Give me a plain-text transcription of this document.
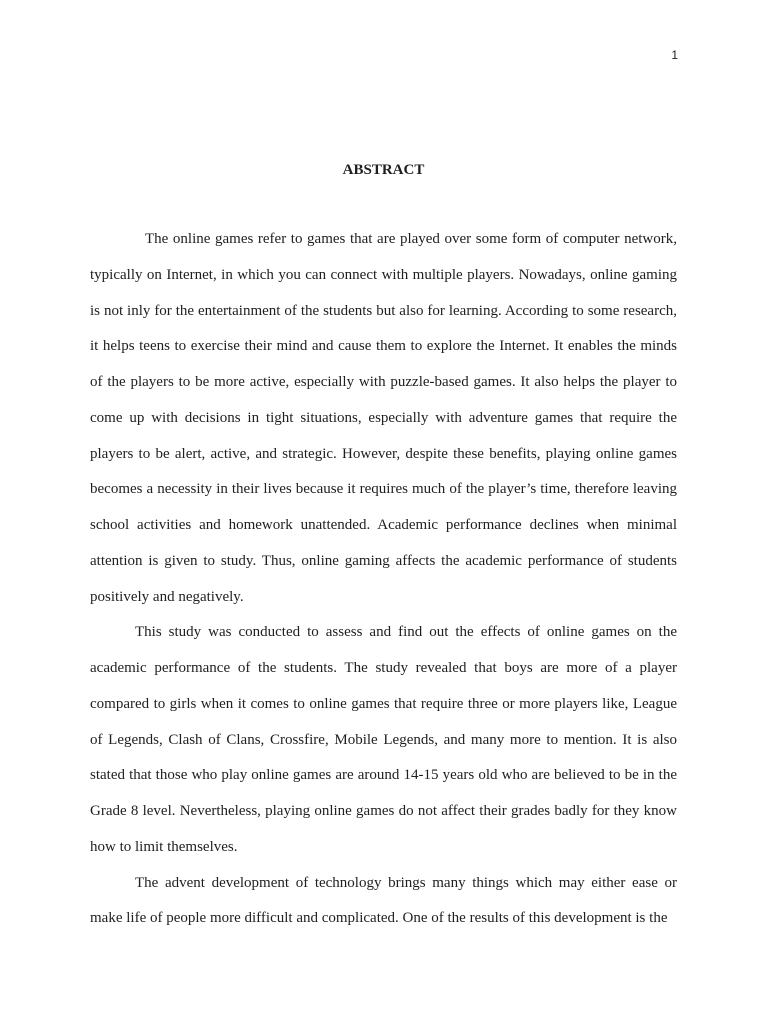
1
ABSTRACT

The online games refer to games that are played over some form of computer network, typically on Internet, in which you can connect with multiple players. Nowadays, online gaming is not inly for the entertainment of the students but also for learning. According to some research, it helps teens to exercise their mind and cause them to explore the Internet. It enables the minds of the players to be more active, especially with puzzle-based games. It also helps the player to come up with decisions in tight situations, especially with adventure games that require the players to be alert, active, and strategic. However, despite these benefits, playing online games becomes a necessity in their lives because it requires much of the player’s time, therefore leaving school activities and homework unattended. Academic performance declines when minimal attention is given to study. Thus, online gaming affects the academic performance of students positively and negatively.

This study was conducted to assess and find out the effects of online games on the academic performance of the students. The study revealed that boys are more of a player compared to girls when it comes to online games that require three or more players like, League of Legends, Clash of Clans, Crossfire, Mobile Legends, and many more to mention. It is also stated that those who play online games are around 14-15 years old who are believed to be in the Grade 8 level. Nevertheless, playing online games do not affect their grades badly for they know how to limit themselves.

The advent development of technology brings many things which may either ease or make life of people more difficult and complicated. One of the results of this development is the
